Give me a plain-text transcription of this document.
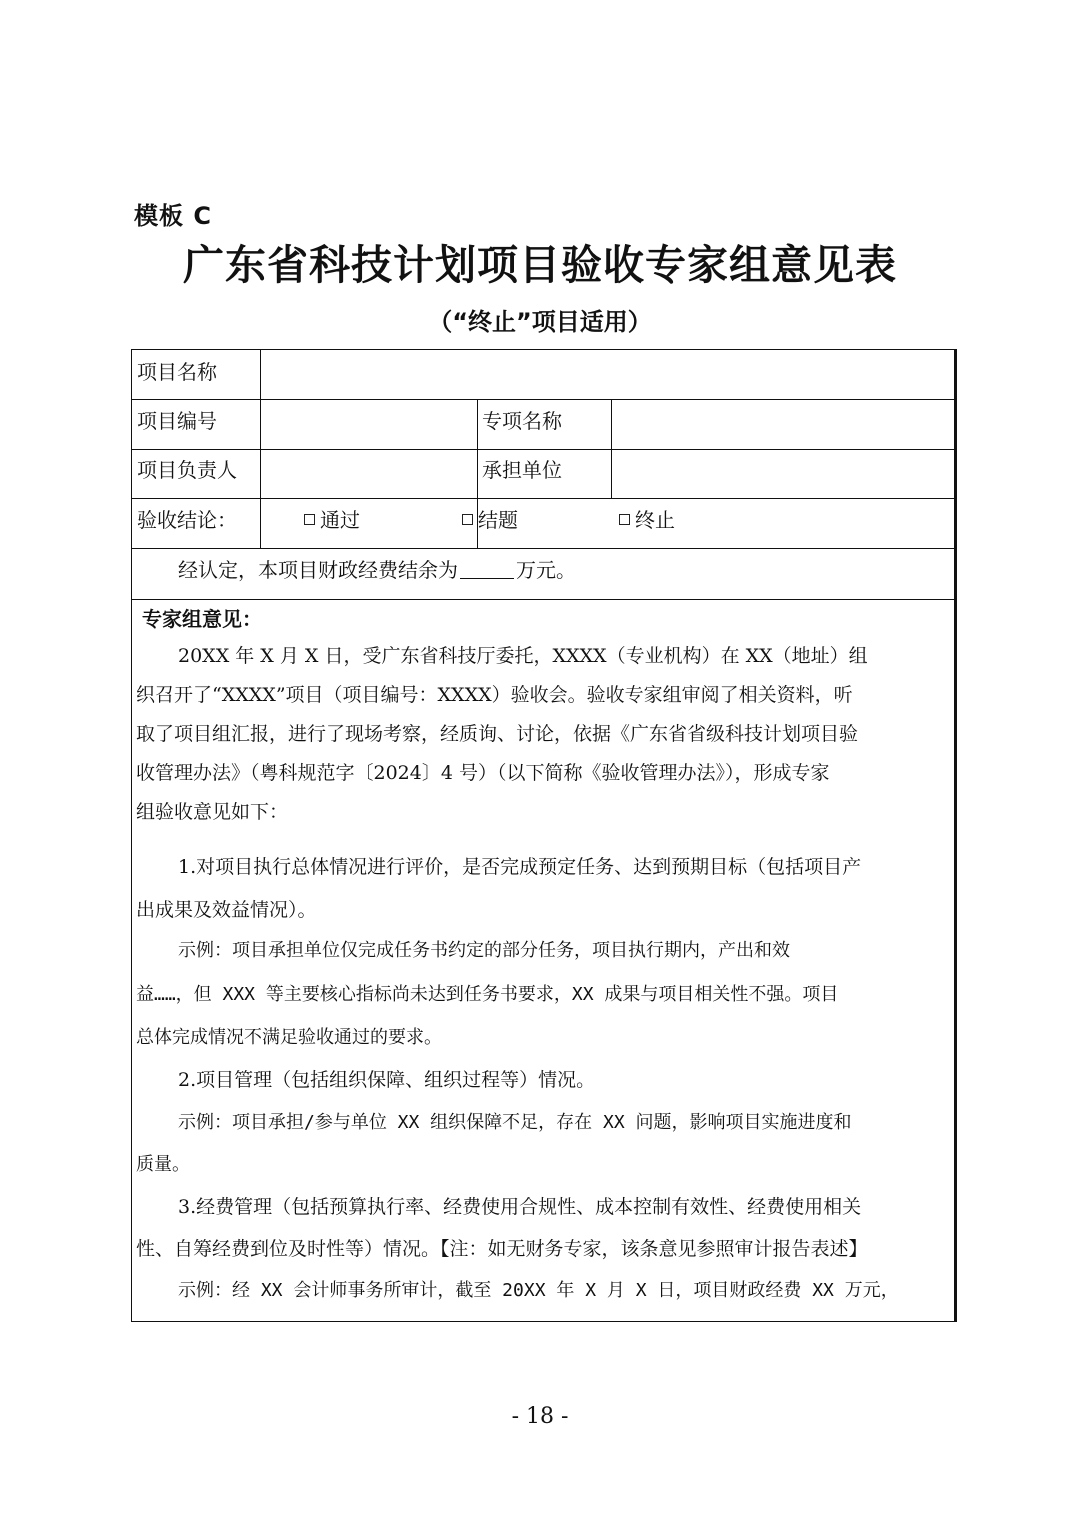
模板 C
广东省科技计划项目验收专家组意见表
（“终止”项目适用）
项目名称
项目编号	专项名称
项目负责人	承担单位
验收结论：	通过	结题	终止
经认定，本项目财政经费结余为	万元。
专家组意见：
20XX 年 X 月 X 日，受广东省科技厅委托，XXXX（专业机构）在 XX（地址）组
织召开了“XXXX”项目（项目编号：XXXX）验收会。验收专家组审阅了相关资料，听
取了项目组汇报，进行了现场考察，经质询、讨论，依据《广东省省级科技计划项目验
收管理办法》（粤科规范字〔2024〕4 号）（以下简称《验收管理办法》），形成专家
组验收意见如下：
1.对项目执行总体情况进行评价，是否完成预定任务、达到预期目标（包括项目产
出成果及效益情况）。
示例：项目承担单位仅完成任务书约定的部分任务，项目执行期内，产出和效
益……，但 XXX 等主要核心指标尚未达到任务书要求，XX 成果与项目相关性不强。项目
总体完成情况不满足验收通过的要求。
2.项目管理（包括组织保障、组织过程等）情况。
示例：项目承担/参与单位 XX 组织保障不足，存在 XX 问题，影响项目实施进度和
质量。
3.经费管理（包括预算执行率、经费使用合规性、成本控制有效性、经费使用相关
性、自筹经费到位及时性等）情况。【注：如无财务专家，该条意见参照审计报告表述】
示例：经 XX 会计师事务所审计，截至 20XX 年 X 月 X 日，项目财政经费 XX 万元，
- 18 -
